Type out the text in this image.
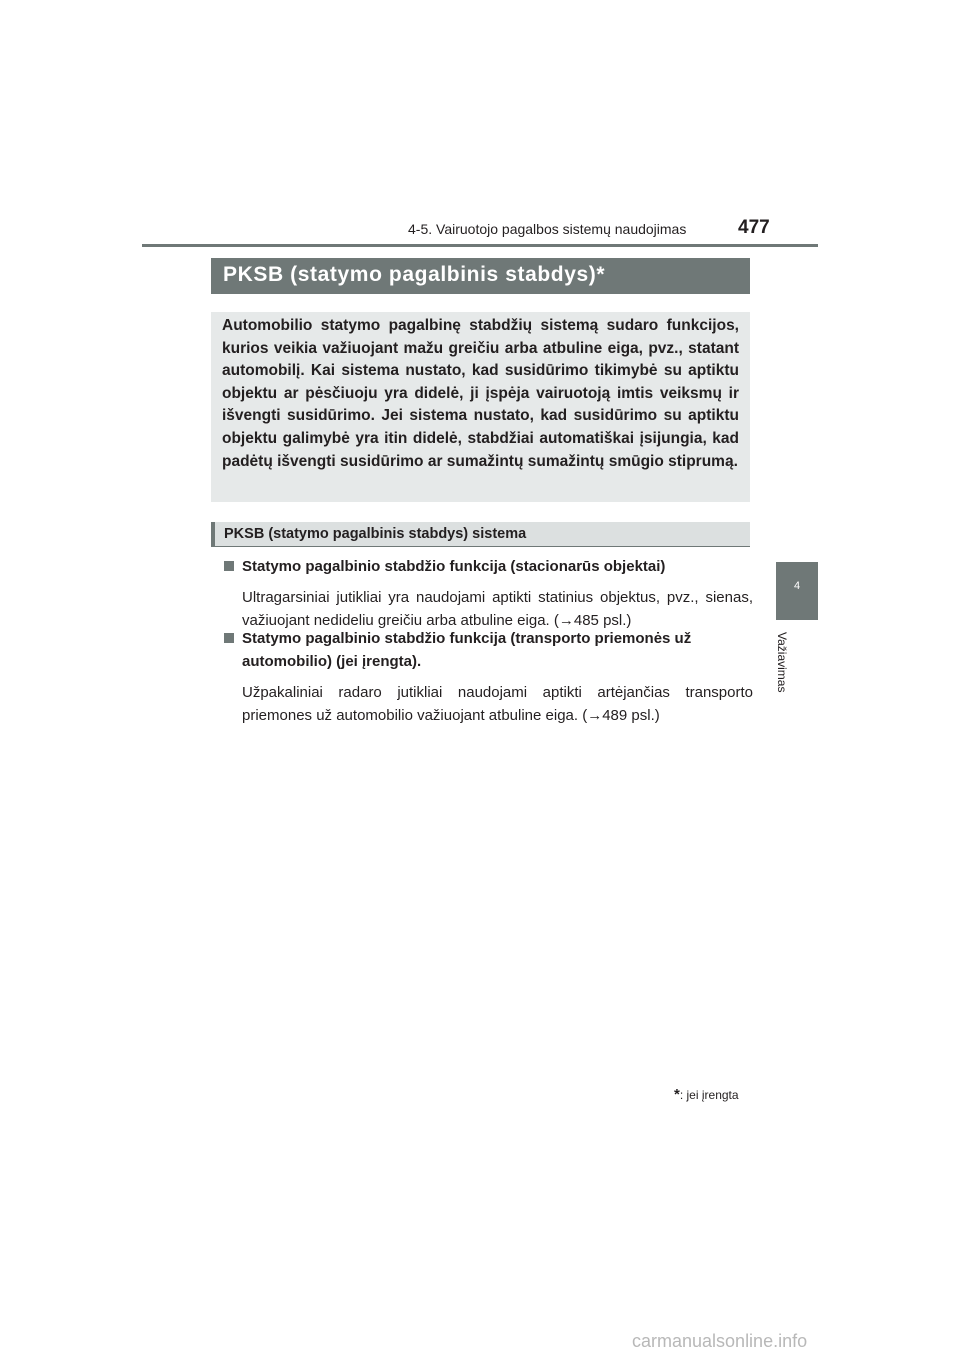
4-5. Vairuotojo pagalbos sistemų naudojimas	477
4
Važiavimas
PKSB (statymo pagalbinis stabdys)*

Automobilio statymo pagalbinę stabdžių sistemą sudaro funkcijos, kurios veikia važiuojant mažu greičiu arba atbuline eiga, pvz., statant automobilį. Kai sistema nustato, kad susidūrimo tikimybė su aptiktu objektu ar pėsčiuoju yra didelė, ji įspėja vairuotoją imtis veiksmų ir išvengti susidūrimo. Jei sistema nustato, kad susidūrimo su aptiktu objektu galimybė yra itin didelė, stabdžiai automatiškai įsijungia, kad padėtų išvengti susidūrimo ar sumažintų sumažintų smūgio stiprumą.

PKSB (statymo pagalbinis stabdys) sistema
Statymo pagalbinio stabdžio funkcija (stacionarūs objektai)
Ultragarsiniai jutikliai yra naudojami aptikti statinius objektus, pvz., sienas, važiuojant nedideliu greičiu arba atbuline eiga. (→485 psl.)
Statymo pagalbinio stabdžio funkcija (transporto priemonės už automobilio) (jei įrengta).
Užpakaliniai radaro jutikliai naudojami aptikti artėjančias transporto priemones už automobilio važiuojant atbuline eiga. (→489 psl.)
*: jei įrengta
carmanualsonline.info
